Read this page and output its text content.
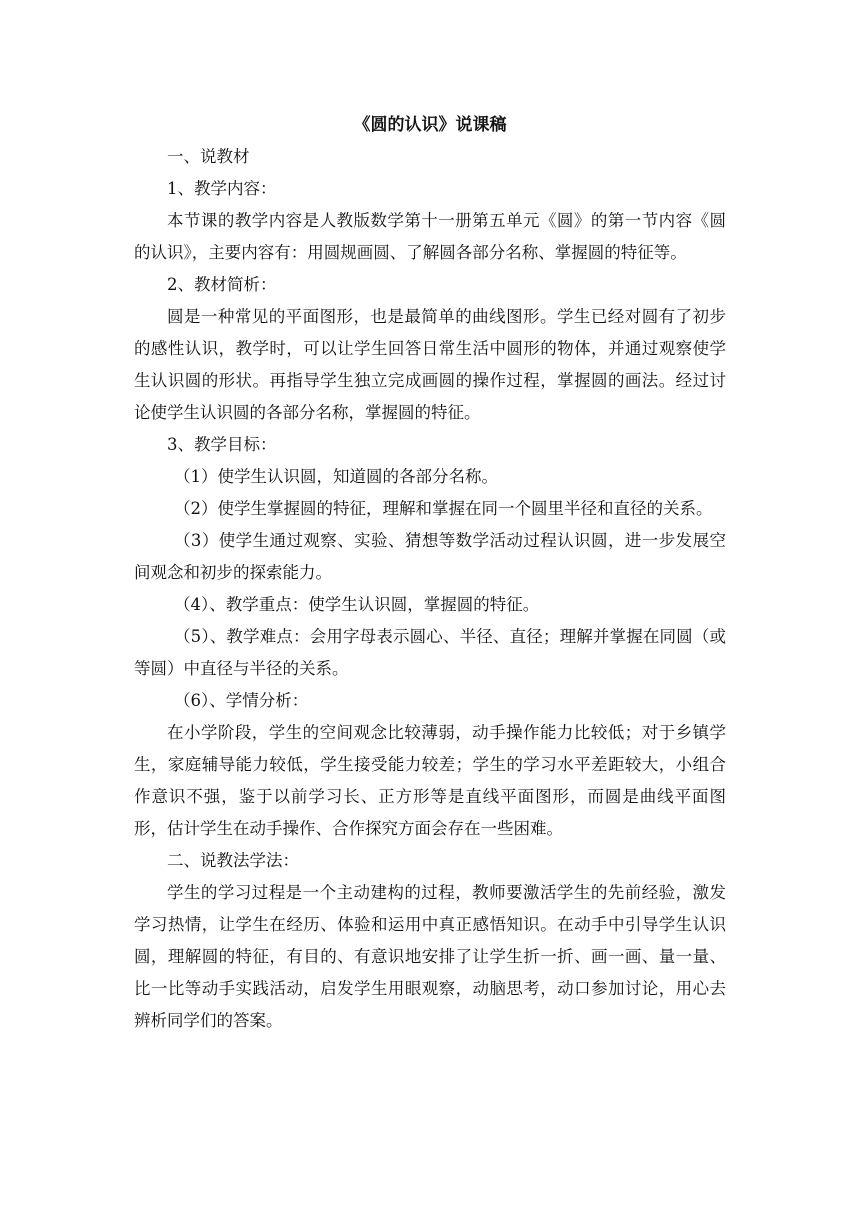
《圆的认识》说课稿

一、说教材

1、教学内容：

本节课的教学内容是人教版数学第十一册第五单元《圆》的第一节内容《圆的认识》，主要内容有：用圆规画圆、了解圆各部分名称、掌握圆的特征等。

2、教材简析：

圆是一种常见的平面图形，也是最简单的曲线图形。学生已经对圆有了初步的感性认识，教学时，可以让学生回答日常生活中圆形的物体，并通过观察使学生认识圆的形状。再指导学生独立完成画圆的操作过程，掌握圆的画法。经过讨论使学生认识圆的各部分名称，掌握圆的特征。

3、教学目标：

（1）使学生认识圆，知道圆的各部分名称。

（2）使学生掌握圆的特征，理解和掌握在同一个圆里半径和直径的关系。

（3）使学生通过观察、实验、猜想等数学活动过程认识圆，进一步发展空间观念和初步的探索能力。

（4）、教学重点：使学生认识圆，掌握圆的特征。

（5）、教学难点：会用字母表示圆心、半径、直径；理解并掌握在同圆（或等圆）中直径与半径的关系。

（6）、学情分析：

在小学阶段，学生的空间观念比较薄弱，动手操作能力比较低；对于乡镇学生，家庭辅导能力较低，学生接受能力较差；学生的学习水平差距较大，小组合作意识不强，鉴于以前学习长、正方形等是直线平面图形，而圆是曲线平面图形，估计学生在动手操作、合作探究方面会存在一些困难。

二、说教法学法：

学生的学习过程是一个主动建构的过程，教师要激活学生的先前经验，激发学习热情，让学生在经历、体验和运用中真正感悟知识。在动手中引导学生认识圆，理解圆的特征，有目的、有意识地安排了让学生折一折、画一画、量一量、比一比等动手实践活动，启发学生用眼观察，动脑思考，动口参加讨论，用心去辨析同学们的答案。
